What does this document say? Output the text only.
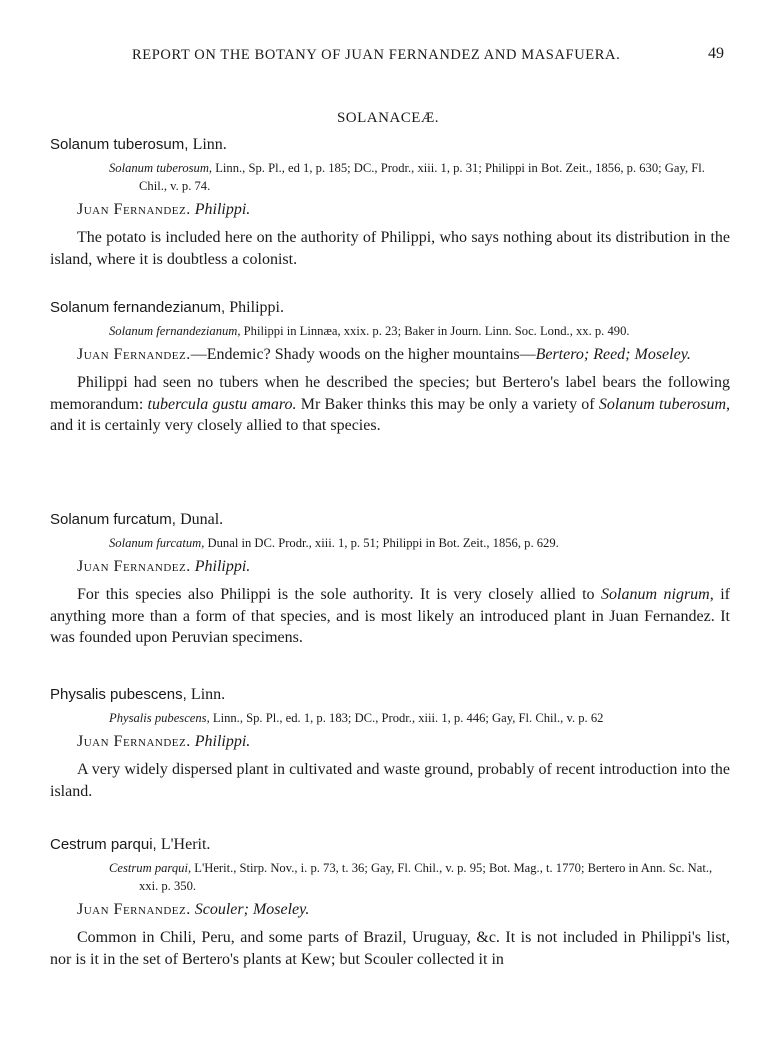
REPORT ON THE BOTANY OF JUAN FERNANDEZ AND MASAFUERA.	49
SOLANACEÆ.
Solanum tuberosum, Linn.
Solanum tuberosum, Linn., Sp. Pl., ed 1, p. 185; DC., Prodr., xiii. 1, p. 31; Philippi in Bot. Zeit., 1856, p. 630; Gay, Fl. Chil., v. p. 74.
Juan Fernandez. Philippi.
The potato is included here on the authority of Philippi, who says nothing about its distribution in the island, where it is doubtless a colonist.
Solanum fernandezianum, Philippi.
Solanum fernandezianum, Philippi in Linnæa, xxix. p. 23; Baker in Journ. Linn. Soc. Lond., xx. p. 490.
Juan Fernandez.—Endemic? Shady woods on the higher mountains—Bertero; Reed; Moseley.
Philippi had seen no tubers when he described the species; but Bertero's label bears the following memorandum: tubercula gustu amaro. Mr Baker thinks this may be only a variety of Solanum tuberosum, and it is certainly very closely allied to that species.
Solanum furcatum, Dunal.
Solanum furcatum, Dunal in DC. Prodr., xiii. 1, p. 51; Philippi in Bot. Zeit., 1856, p. 629.
Juan Fernandez. Philippi.
For this species also Philippi is the sole authority. It is very closely allied to Solanum nigrum, if anything more than a form of that species, and is most likely an introduced plant in Juan Fernandez. It was founded upon Peruvian specimens.
Physalis pubescens, Linn.
Physalis pubescens, Linn., Sp. Pl., ed. 1, p. 183; DC., Prodr., xiii. 1, p. 446; Gay, Fl. Chil., v. p. 62
Juan Fernandez. Philippi.
A very widely dispersed plant in cultivated and waste ground, probably of recent introduction into the island.
Cestrum parqui, L'Herit.
Cestrum parqui, L'Herit., Stirp. Nov., i. p. 73, t. 36; Gay, Fl. Chil., v. p. 95; Bot. Mag., t. 1770; Bertero in Ann. Sc. Nat., xxi. p. 350.
Juan Fernandez. Scouler; Moseley.
Common in Chili, Peru, and some parts of Brazil, Uruguay, &c. It is not included in Philippi's list, nor is it in the set of Bertero's plants at Kew; but Scouler collected it in
